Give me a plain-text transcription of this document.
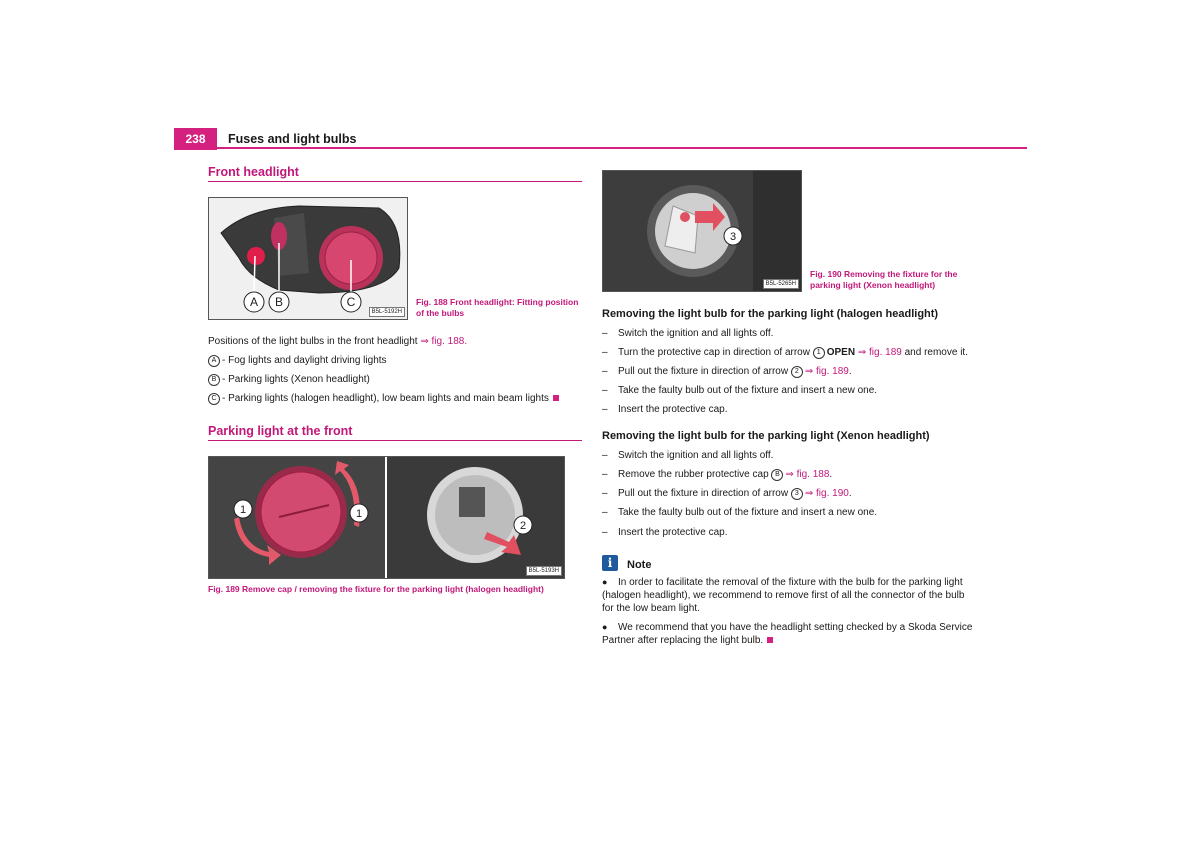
238	Fuses and light bulbs
Front headlight
A B	C
B5L-5192H
Fig. 188 Front headlight: Fitting position of the bulbs
Positions of the light bulbs in the front headlight ⇒ fig. 188.
A - Fog lights and daylight driving lights
B - Parking lights (Xenon headlight)
C - Parking lights (halogen headlight), low beam lights and main beam lights
Parking light at the front
1	1
2
B5L-5193H
Fig. 189 Remove cap / removing the fixture for the parking light (halogen headlight)
3
B5L-5265H
Fig. 190 Removing the fixture for the parking light (Xenon headlight)
Removing the light bulb for the parking light (halogen headlight)
– Switch the ignition and all lights off.
– Turn the protective cap in direction of arrow 1 OPEN ⇒ fig. 189 and remove it.
– Pull out the fixture in direction of arrow 2 ⇒ fig. 189.
– Take the faulty bulb out of the fixture and insert a new one.
– Insert the protective cap.
Removing the light bulb for the parking light (Xenon headlight)
– Switch the ignition and all lights off.
– Remove the rubber protective cap B ⇒ fig. 188.
– Pull out the fixture in direction of arrow 3 ⇒ fig. 190.
– Take the faulty bulb out of the fixture and insert a new one.
– Insert the protective cap.
i	Note
● In order to facilitate the removal of the fixture with the bulb for the parking light (halogen headlight), we recommend to remove first of all the connector of the bulb for the low beam light.
● We recommend that you have the headlight setting checked by a Skoda Service Partner after replacing the light bulb.
